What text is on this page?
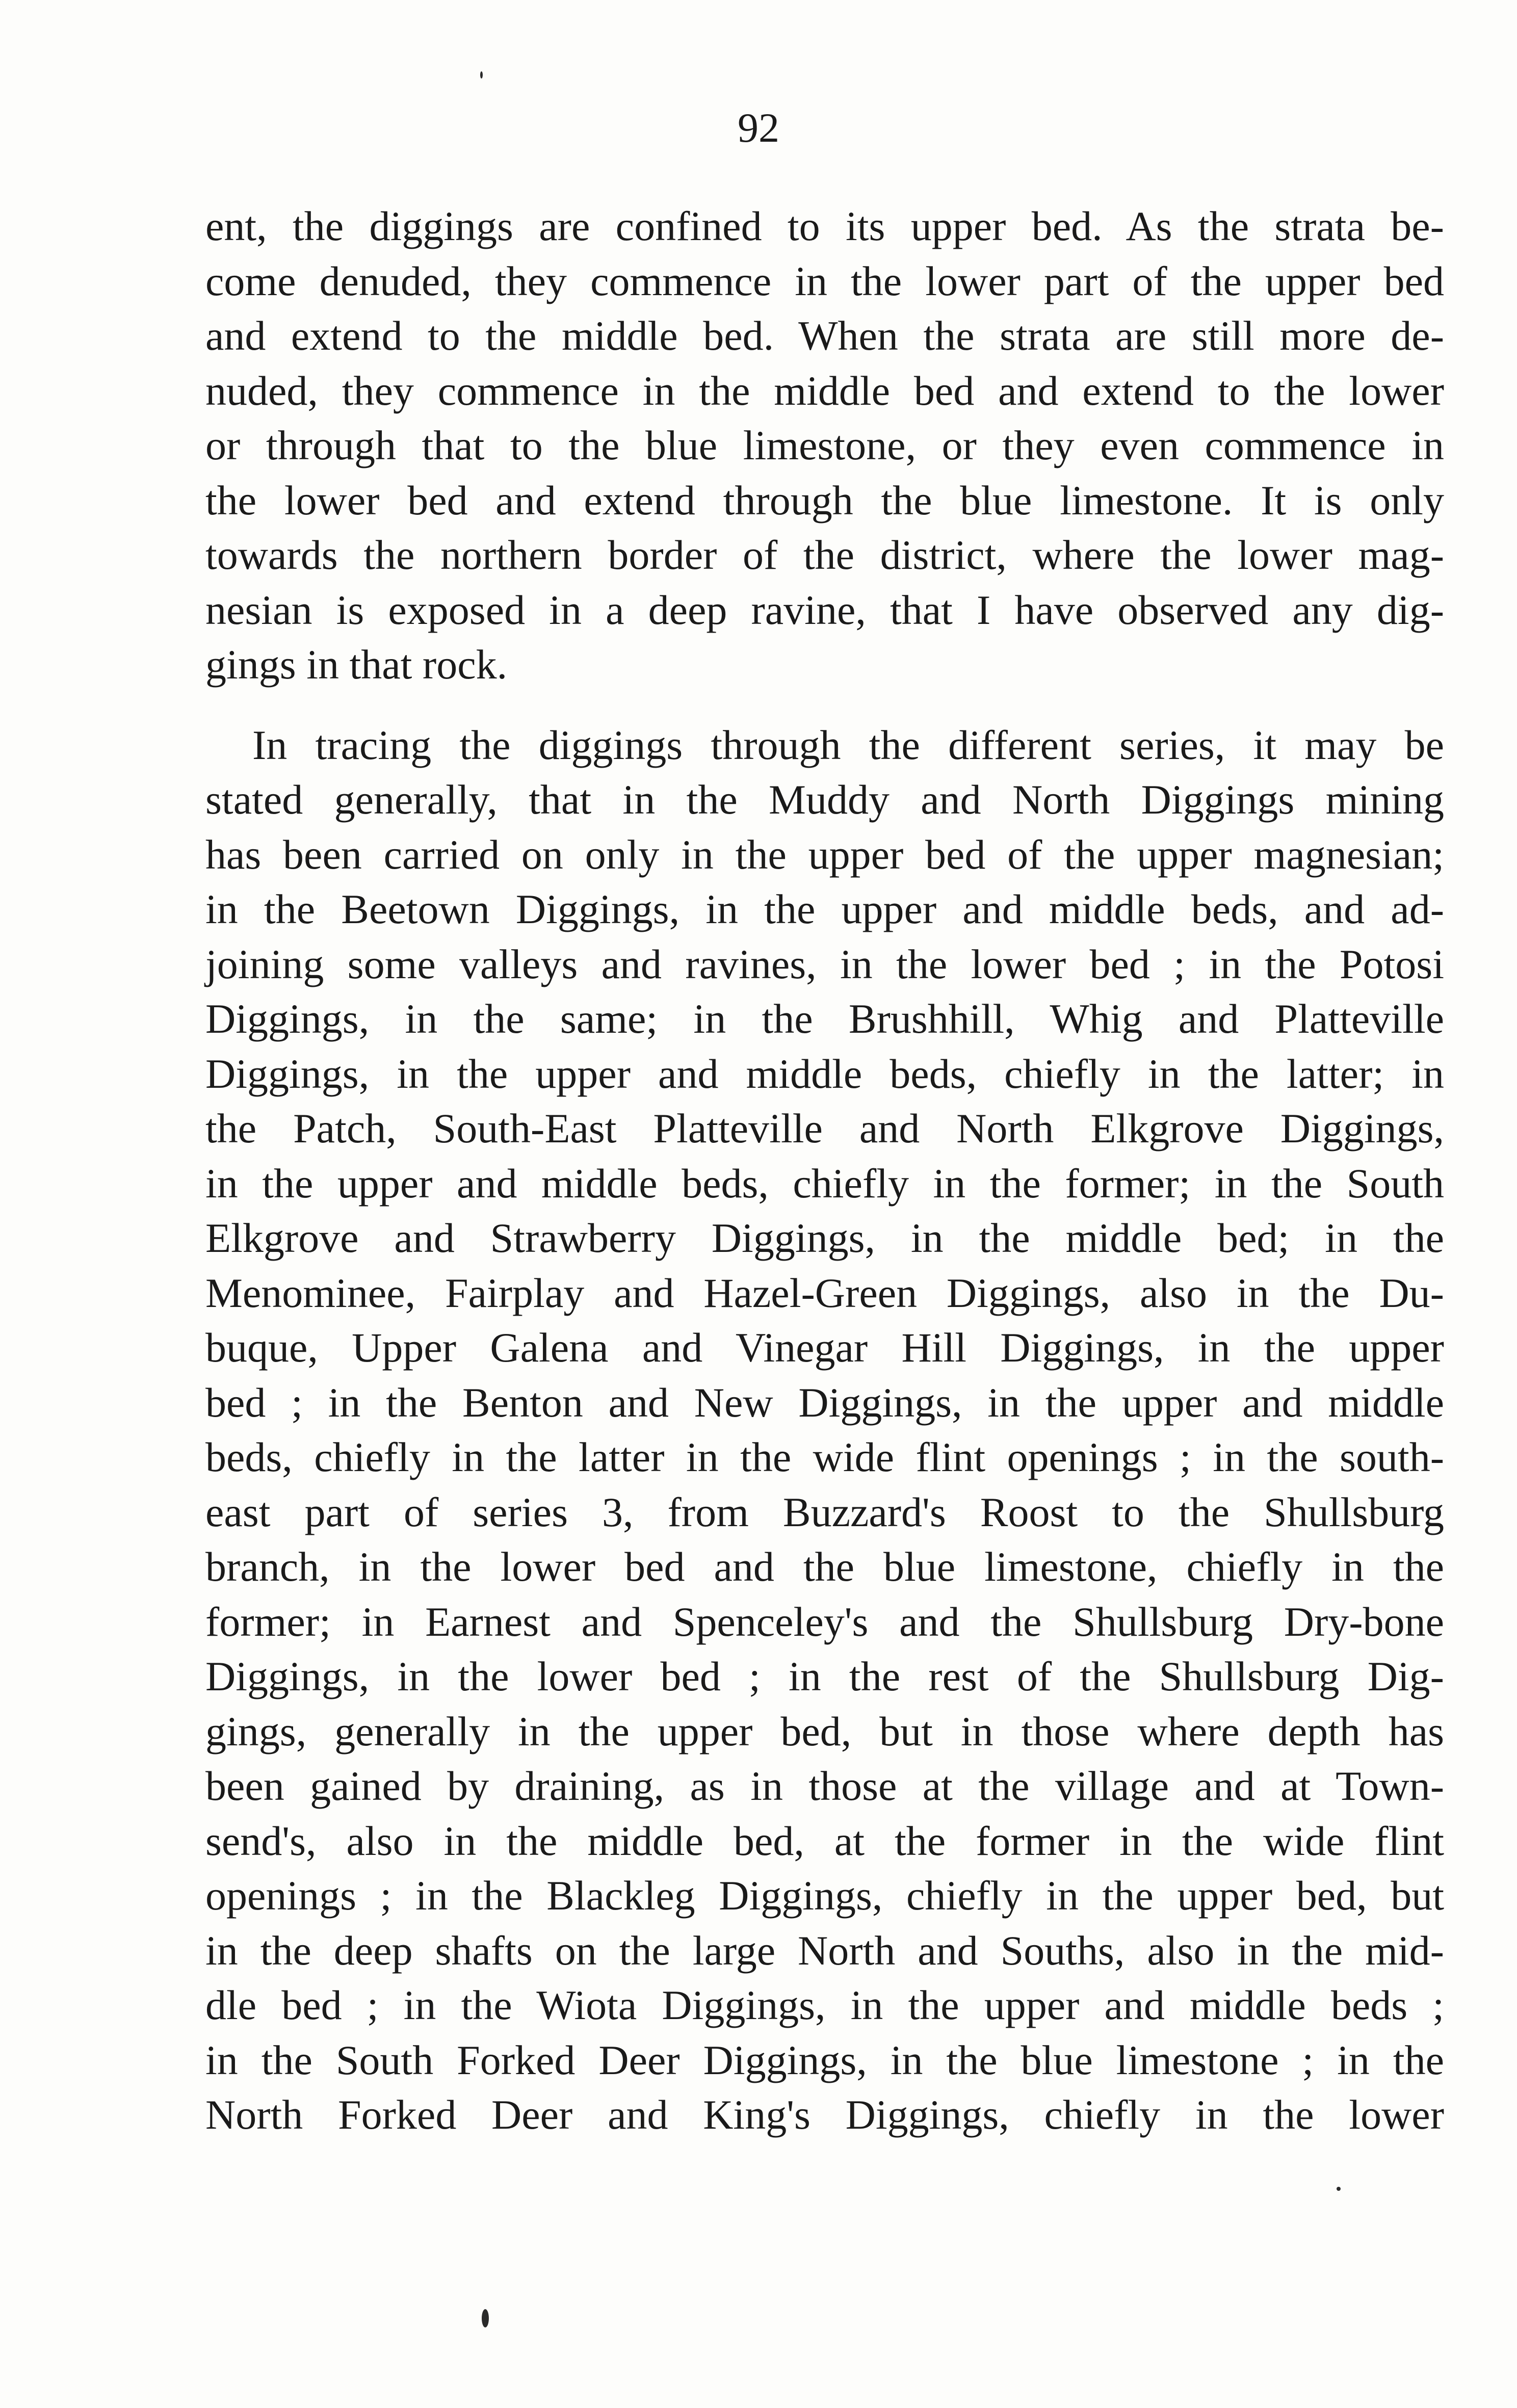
92
ent, the diggings are confined to its upper bed. As the strata be-
come denuded, they commence in the lower part of the upper bed
and extend to the middle bed. When the strata are still more de-
nuded, they commence in the middle bed and extend to the lower
or through that to the blue limestone, or they even commence in
the lower bed and extend through the blue limestone. It is only
towards the northern border of the district, where the lower mag-
nesian is exposed in a deep ravine, that I have observed any dig-
gings in that rock.
In tracing the diggings through the different series, it may be
stated generally, that in the Muddy and North Diggings mining
has been carried on only in the upper bed of the upper magnesian;
in the Beetown Diggings, in the upper and middle beds, and ad-
joining some valleys and ravines, in the lower bed ; in the Potosi
Diggings, in the same; in the Brushhill, Whig and Platteville
Diggings, in the upper and middle beds, chiefly in the latter; in
the Patch, South-East Platteville and North Elkgrove Diggings,
in the upper and middle beds, chiefly in the former; in the South
Elkgrove and Strawberry Diggings, in the middle bed; in the
Menominee, Fairplay and Hazel-Green Diggings, also in the Du-
buque, Upper Galena and Vinegar Hill Diggings, in the upper
bed ; in the Benton and New Diggings, in the upper and middle
beds, chiefly in the latter in the wide flint openings ; in the south-
east part of series 3, from Buzzard's Roost to the Shullsburg
branch, in the lower bed and the blue limestone, chiefly in the
former; in Earnest and Spenceley's and the Shullsburg Dry-bone
Diggings, in the lower bed ; in the rest of the Shullsburg Dig-
gings, generally in the upper bed, but in those where depth has
been gained by draining, as in those at the village and at Town-
send's, also in the middle bed, at the former in the wide flint
openings ; in the Blackleg Diggings, chiefly in the upper bed, but
in the deep shafts on the large North and Souths, also in the mid-
dle bed ; in the Wiota Diggings, in the upper and middle beds ;
in the South Forked Deer Diggings, in the blue limestone ; in the
North Forked Deer and King's Diggings, chiefly in the lower
